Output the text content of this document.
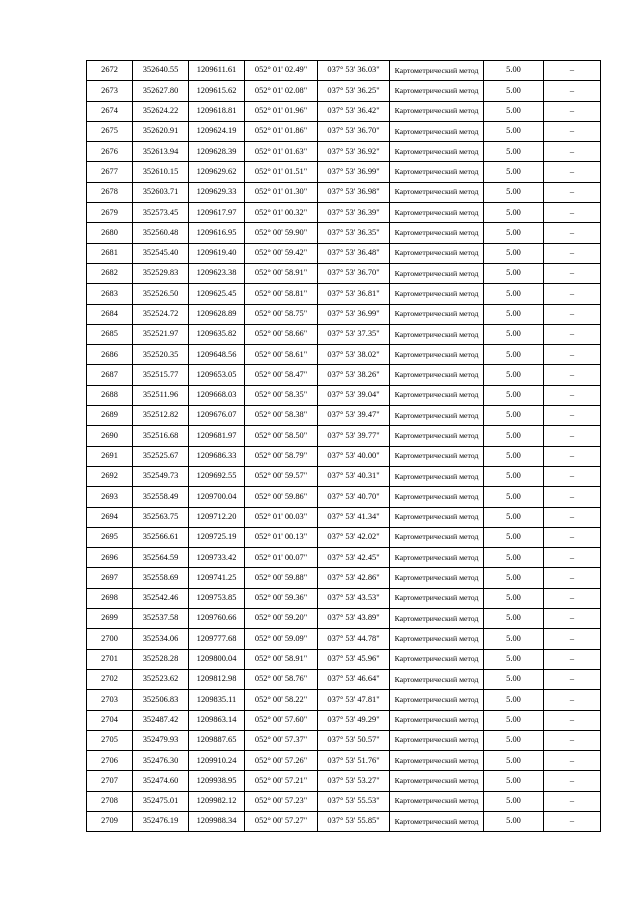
2672	352640.55	1209611.61	052° 01' 02.49"	037° 53' 36.03"	Картометрический метод	5.00	–
2673	352627.80	1209615.62	052° 01' 02.08"	037° 53' 36.25"	Картометрический метод	5.00	–
2674	352624.22	1209618.81	052° 01' 01.96"	037° 53' 36.42"	Картометрический метод	5.00	–
2675	352620.91	1209624.19	052° 01' 01.86"	037° 53' 36.70"	Картометрический метод	5.00	–
2676	352613.94	1209628.39	052° 01' 01.63"	037° 53' 36.92"	Картометрический метод	5.00	–
2677	352610.15	1209629.62	052° 01' 01.51"	037° 53' 36.99"	Картометрический метод	5.00	–
2678	352603.71	1209629.33	052° 01' 01.30"	037° 53' 36.98"	Картометрический метод	5.00	–
2679	352573.45	1209617.97	052° 01' 00.32"	037° 53' 36.39"	Картометрический метод	5.00	–
2680	352560.48	1209616.95	052° 00' 59.90"	037° 53' 36.35"	Картометрический метод	5.00	–
2681	352545.40	1209619.40	052° 00' 59.42"	037° 53' 36.48"	Картометрический метод	5.00	–
2682	352529.83	1209623.38	052° 00' 58.91"	037° 53' 36.70"	Картометрический метод	5.00	–
2683	352526.50	1209625.45	052° 00' 58.81"	037° 53' 36.81"	Картометрический метод	5.00	–
2684	352524.72	1209628.89	052° 00' 58.75"	037° 53' 36.99"	Картометрический метод	5.00	–
2685	352521.97	1209635.82	052° 00' 58.66"	037° 53' 37.35"	Картометрический метод	5.00	–
2686	352520.35	1209648.56	052° 00' 58.61"	037° 53' 38.02"	Картометрический метод	5.00	–
2687	352515.77	1209653.05	052° 00' 58.47"	037° 53' 38.26"	Картометрический метод	5.00	–
2688	352511.96	1209668.03	052° 00' 58.35"	037° 53' 39.04"	Картометрический метод	5.00	–
2689	352512.82	1209676.07	052° 00' 58.38"	037° 53' 39.47"	Картометрический метод	5.00	–
2690	352516.68	1209681.97	052° 00' 58.50"	037° 53' 39.77"	Картометрический метод	5.00	–
2691	352525.67	1209686.33	052° 00' 58.79"	037° 53' 40.00"	Картометрический метод	5.00	–
2692	352549.73	1209692.55	052° 00' 59.57"	037° 53' 40.31"	Картометрический метод	5.00	–
2693	352558.49	1209700.04	052° 00' 59.86"	037° 53' 40.70"	Картометрический метод	5.00	–
2694	352563.75	1209712.20	052° 01' 00.03"	037° 53' 41.34"	Картометрический метод	5.00	–
2695	352566.61	1209725.19	052° 01' 00.13"	037° 53' 42.02"	Картометрический метод	5.00	–
2696	352564.59	1209733.42	052° 01' 00.07"	037° 53' 42.45"	Картометрический метод	5.00	–
2697	352558.69	1209741.25	052° 00' 59.88"	037° 53' 42.86"	Картометрический метод	5.00	–
2698	352542.46	1209753.85	052° 00' 59.36"	037° 53' 43.53"	Картометрический метод	5.00	–
2699	352537.58	1209760.66	052° 00' 59.20"	037° 53' 43.89"	Картометрический метод	5.00	–
2700	352534.06	1209777.68	052° 00' 59.09"	037° 53' 44.78"	Картометрический метод	5.00	–
2701	352528.28	1209800.04	052° 00' 58.91"	037° 53' 45.96"	Картометрический метод	5.00	–
2702	352523.62	1209812.98	052° 00' 58.76"	037° 53' 46.64"	Картометрический метод	5.00	–
2703	352506.83	1209835.11	052° 00' 58.22"	037° 53' 47.81"	Картометрический метод	5.00	–
2704	352487.42	1209863.14	052° 00' 57.60"	037° 53' 49.29"	Картометрический метод	5.00	–
2705	352479.93	1209887.65	052° 00' 57.37"	037° 53' 50.57"	Картометрический метод	5.00	–
2706	352476.30	1209910.24	052° 00' 57.26"	037° 53' 51.76"	Картометрический метод	5.00	–
2707	352474.60	1209938.95	052° 00' 57.21"	037° 53' 53.27"	Картометрический метод	5.00	–
2708	352475.01	1209982.12	052° 00' 57.23"	037° 53' 55.53"	Картометрический метод	5.00	–
2709	352476.19	1209988.34	052° 00' 57.27"	037° 53' 55.85"	Картометрический метод	5.00	–
